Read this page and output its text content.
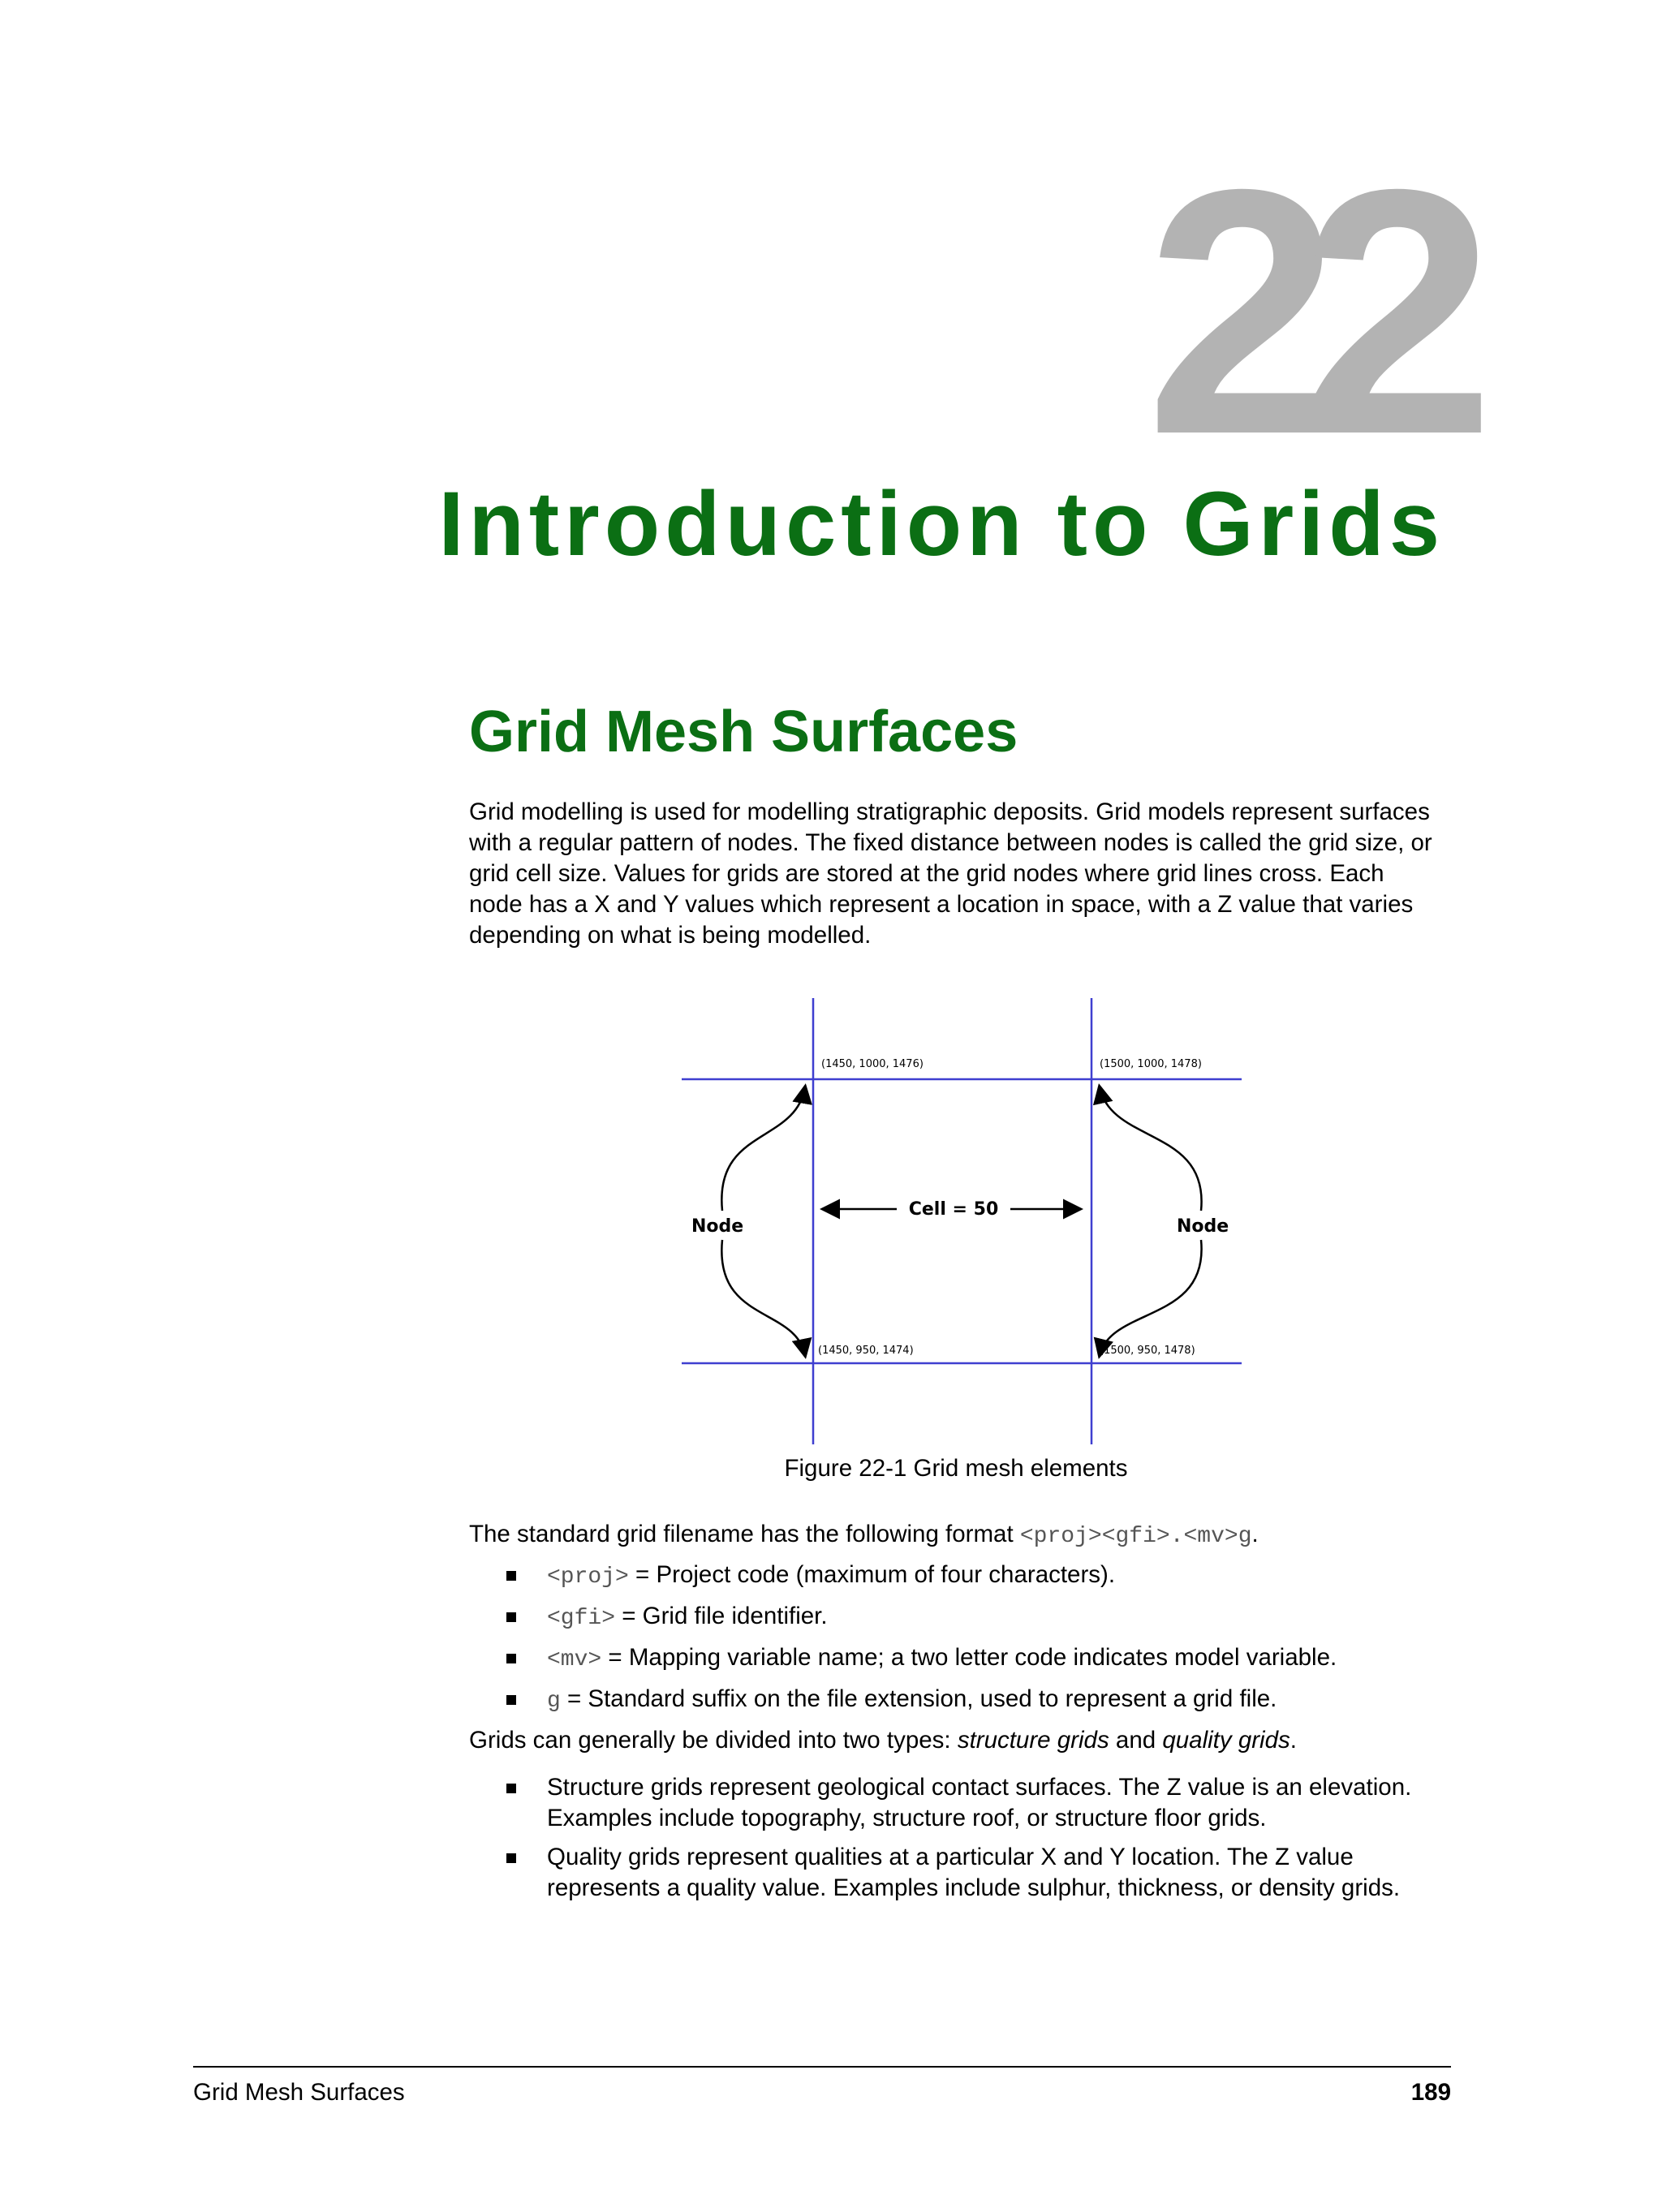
22
Introduction to Grids
Grid Mesh Surfaces
Grid modelling is used for modelling stratigraphic deposits. Grid models represent surfaces with a regular pattern of nodes. The fixed distance between nodes is called the grid size, or grid cell size. Values for grids are stored at the grid nodes where grid lines cross. Each node has a X and Y values which represent a location in space, with a Z value that varies depending on what is being modelled.
(1450, 1000, 1476)	(1500, 1000, 1478)
(1450, 950, 1474)	(1500, 950, 1478)
Cell = 50
Node	Node
Figure 22-1 Grid mesh elements
The standard grid filename has the following format <proj><gfi>.<mv>g.
<proj> = Project code (maximum of four characters).
<gfi> = Grid file identifier.
<mv> = Mapping variable name; a two letter code indicates model variable.
g = Standard suffix on the file extension, used to represent a grid file.
Grids can generally be divided into two types: structure grids and quality grids.
Structure grids represent geological contact surfaces. The Z value is an elevation. Examples include topography, structure roof, or structure floor grids.
Quality grids represent qualities at a particular X and Y location. The Z value represents a quality value. Examples include sulphur, thickness, or density grids.
Grid Mesh Surfaces	189
